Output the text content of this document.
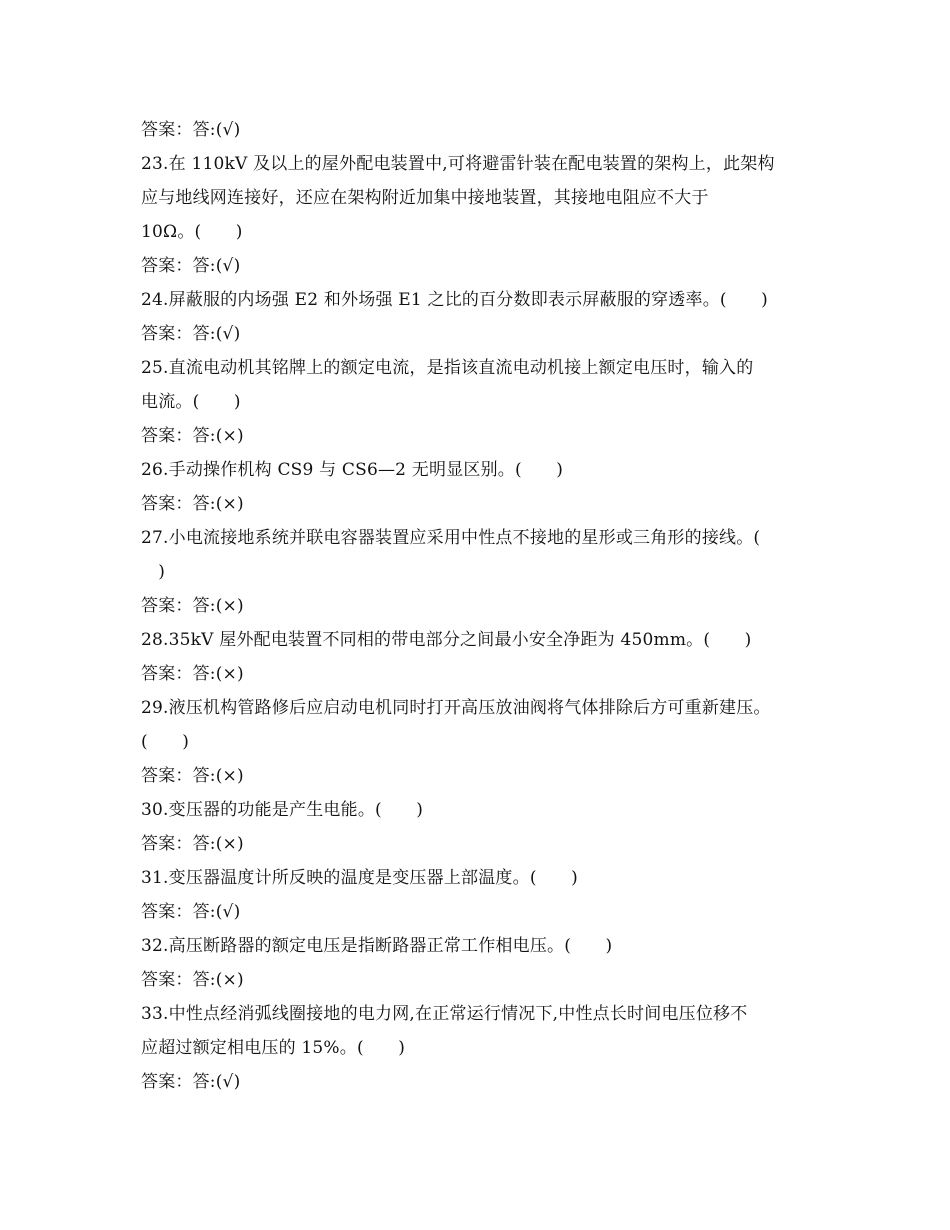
答案：答:(√)
23.在 110kV 及以上的屋外配电装置中,可将避雷针装在配电装置的架构上，此架构
应与地线网连接好，还应在架构附近加集中接地装置，其接地电阻应不大于
10Ω。(　　)
答案：答:(√)
24.屏蔽服的内场强 E2 和外场强 E1 之比的百分数即表示屏蔽服的穿透率。(　　)
答案：答:(√)
25.直流电动机其铭牌上的额定电流，是指该直流电动机接上额定电压时，输入的
电流。(　　)
答案：答:(×)
26.手动操作机构 CS9 与 CS6—2 无明显区别。(　　)
答案：答:(×)
27.小电流接地系统并联电容器装置应采用中性点不接地的星形或三角形的接线。(
　)
答案：答:(×)
28.35kV 屋外配电装置不同相的带电部分之间最小安全净距为 450mm。(　　)
答案：答:(×)
29.液压机构管路修后应启动电机同时打开高压放油阀将气体排除后方可重新建压。
(　　)
答案：答:(×)
30.变压器的功能是产生电能。(　　)
答案：答:(×)
31.变压器温度计所反映的温度是变压器上部温度。(　　)
答案：答:(√)
32.高压断路器的额定电压是指断路器正常工作相电压。(　　)
答案：答:(×)
33.中性点经消弧线圈接地的电力网,在正常运行情况下,中性点长时间电压位移不
应超过额定相电压的 15%。(　　)
答案：答:(√)
